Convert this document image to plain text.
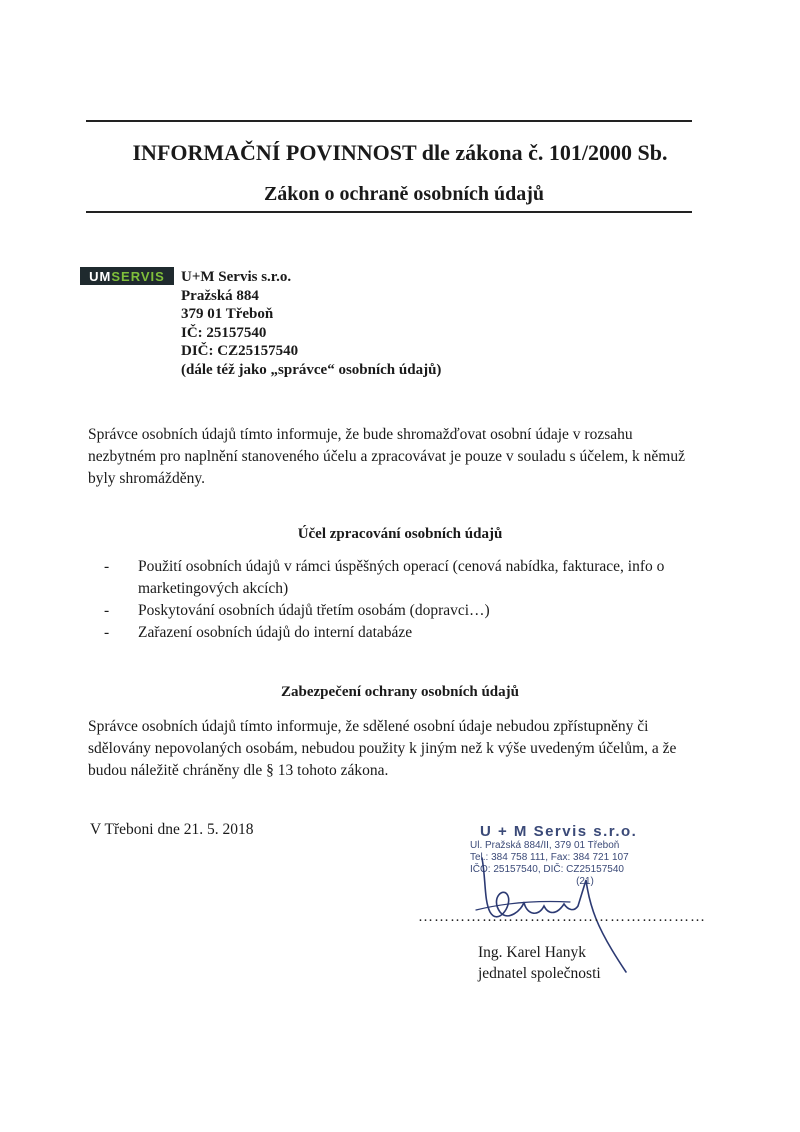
INFORMAČNÍ POVINNOST dle zákona č. 101/2000 Sb.
Zákon o ochraně osobních údajů
UM SERVIS U+M Servis s.r.o.
Pražská 884
379 01 Třeboň
IČ: 25157540
DIČ: CZ25157540
(dále též jako „správce“ osobních údajů)
Správce osobních údajů tímto informuje, že bude shromažďovat osobní údaje v rozsahu nezbytném pro naplnění stanoveného účelu a zpracovávat je pouze v souladu s účelem, k němuž byly shromážděny.
Účel zpracování osobních údajů
- Použití osobních údajů v rámci úspěšných operací (cenová nabídka, fakturace, info o marketingových akcích)
- Poskytování osobních údajů třetím osobám (dopravci…)
- Zařazení osobních údajů do interní databáze
Zabezpečení ochrany osobních údajů
Správce osobních údajů tímto informuje, že sdělené osobní údaje nebudou zpřístupněny či sdělovány nepovolaných osobám, nebudou použity k jiným než k výše uvedeným účelům, a že budou náležitě chráněny dle § 13 tohoto zákona.
V Třeboni dne 21. 5. 2018	U + M Servis s.r.o.
Ul. Pražská 884/II, 379 01 Třeboň
Tel.: 384 758 111, Fax: 384 721 107
IČO: 25157540, DIČ: CZ25157540
(21)
………………………………………………
Ing. Karel Hanyk
jednatel společnosti
